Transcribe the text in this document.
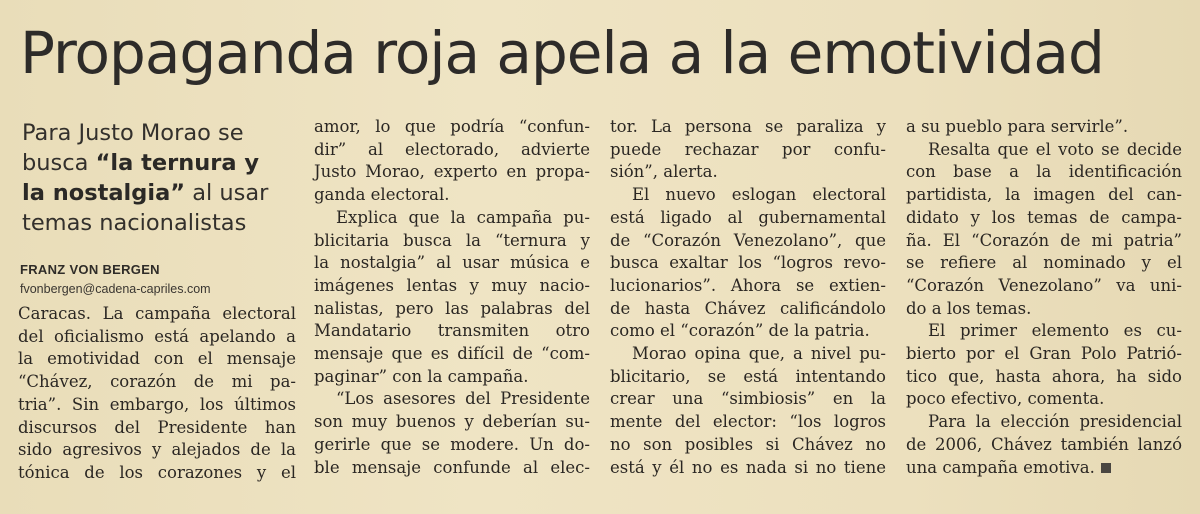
Propaganda roja apela a la emotividad
Para Justo Morao se busca “la ternura y
la nostalgia” al usar temas nacionalistas
FRANZ VON BERGEN
fvonbergen@cadena-capriles.com
Caracas. La campaña electoral
del oficialismo está apelando a
la emotividad con el mensaje
“Chávez, corazón de mi pa-
tria”. Sin embargo, los últimos
discursos del Presidente han
sido agresivos y alejados de la
tónica de los corazones y el
amor, lo que podría “confun-
dir” al electorado, advierte
Justo Morao, experto en propa-
ganda electoral.
Explica que la campaña pu-
blicitaria busca la “ternura y
la nostalgia” al usar música e
imágenes lentas y muy nacio-
nalistas, pero las palabras del
Mandatario transmiten otro
mensaje que es difícil de “com-
paginar” con la campaña.
“Los asesores del Presidente
son muy buenos y deberían su-
gerirle que se modere. Un do-
ble mensaje confunde al elec-
tor. La persona se paraliza y
puede rechazar por confu-
sión”, alerta.
El nuevo eslogan electoral
está ligado al gubernamental
de “Corazón Venezolano”, que
busca exaltar los “logros revo-
lucionarios”. Ahora se extien-
de hasta Chávez calificándolo
como el “corazón” de la patria.
Morao opina que, a nivel pu-
blicitario, se está intentando
crear una “simbiosis” en la
mente del elector: “los logros
no son posibles si Chávez no
está y él no es nada si no tiene
a su pueblo para servirle”.
Resalta que el voto se decide
con base a la identificación
partidista, la imagen del can-
didato y los temas de campa-
ña. El “Corazón de mi patria”
se refiere al nominado y el
“Corazón Venezolano” va uni-
do a los temas.
El primer elemento es cu-
bierto por el Gran Polo Patrió-
tico que, hasta ahora, ha sido
poco efectivo, comenta.
Para la elección presidencial
de 2006, Chávez también lanzó
una campaña emotiva.
